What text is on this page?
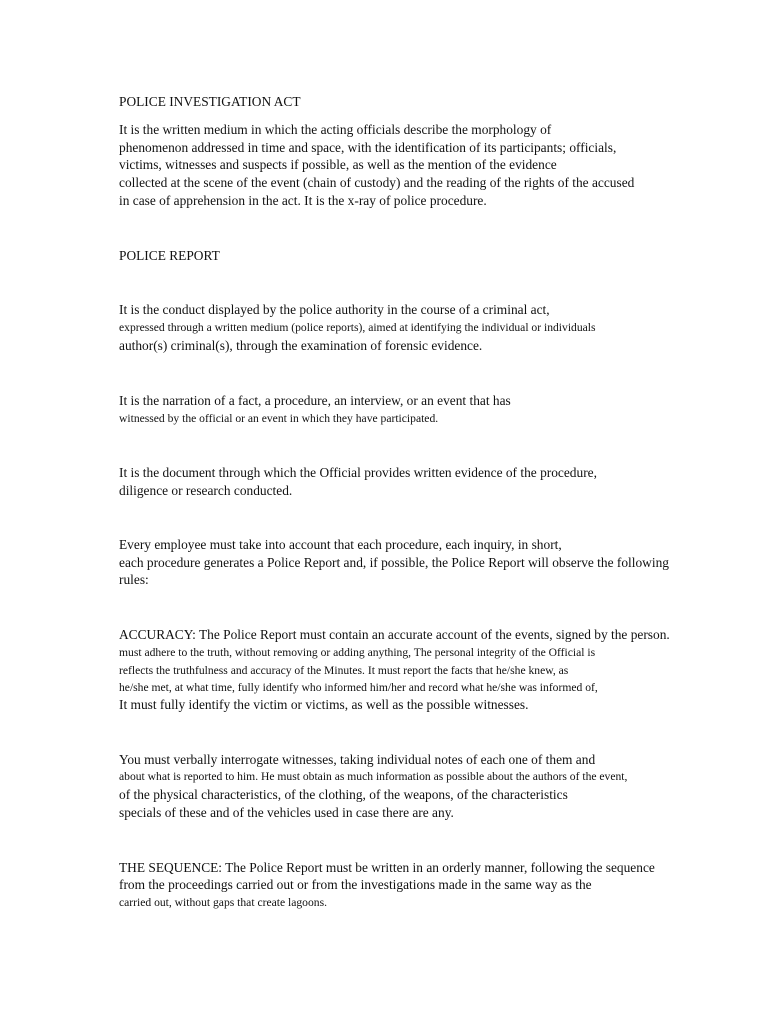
POLICE INVESTIGATION ACT
It is the written medium in which the acting officials describe the morphology of
phenomenon addressed in time and space, with the identification of its participants; officials,
victims, witnesses and suspects if possible, as well as the mention of the evidence
collected at the scene of the event (chain of custody) and the reading of the rights of the accused
in case of apprehension in the act. It is the x-ray of police procedure.
POLICE REPORT
It is the conduct displayed by the police authority in the course of a criminal act,
expressed through a written medium (police reports), aimed at identifying the individual or individuals
author(s) criminal(s), through the examination of forensic evidence.
It is the narration of a fact, a procedure, an interview, or an event that has
witnessed by the official or an event in which they have participated.
It is the document through which the Official provides written evidence of the procedure,
diligence or research conducted.
Every employee must take into account that each procedure, each inquiry, in short,
each procedure generates a Police Report and, if possible, the Police Report will observe the following
rules:
ACCURACY: The Police Report must contain an accurate account of the events, signed by the person.
must adhere to the truth, without removing or adding anything, The personal integrity of the Official is
reflects the truthfulness and accuracy of the Minutes. It must report the facts that he/she knew, as
he/she met, at what time, fully identify who informed him/her and record what he/she was informed of,
It must fully identify the victim or victims, as well as the possible witnesses.
You must verbally interrogate witnesses, taking individual notes of each one of them and
about what is reported to him. He must obtain as much information as possible about the authors of the event,
of the physical characteristics, of the clothing, of the weapons, of the characteristics
specials of these and of the vehicles used in case there are any.
THE SEQUENCE: The Police Report must be written in an orderly manner, following the sequence
from the proceedings carried out or from the investigations made in the same way as the
carried out, without gaps that create lagoons.
